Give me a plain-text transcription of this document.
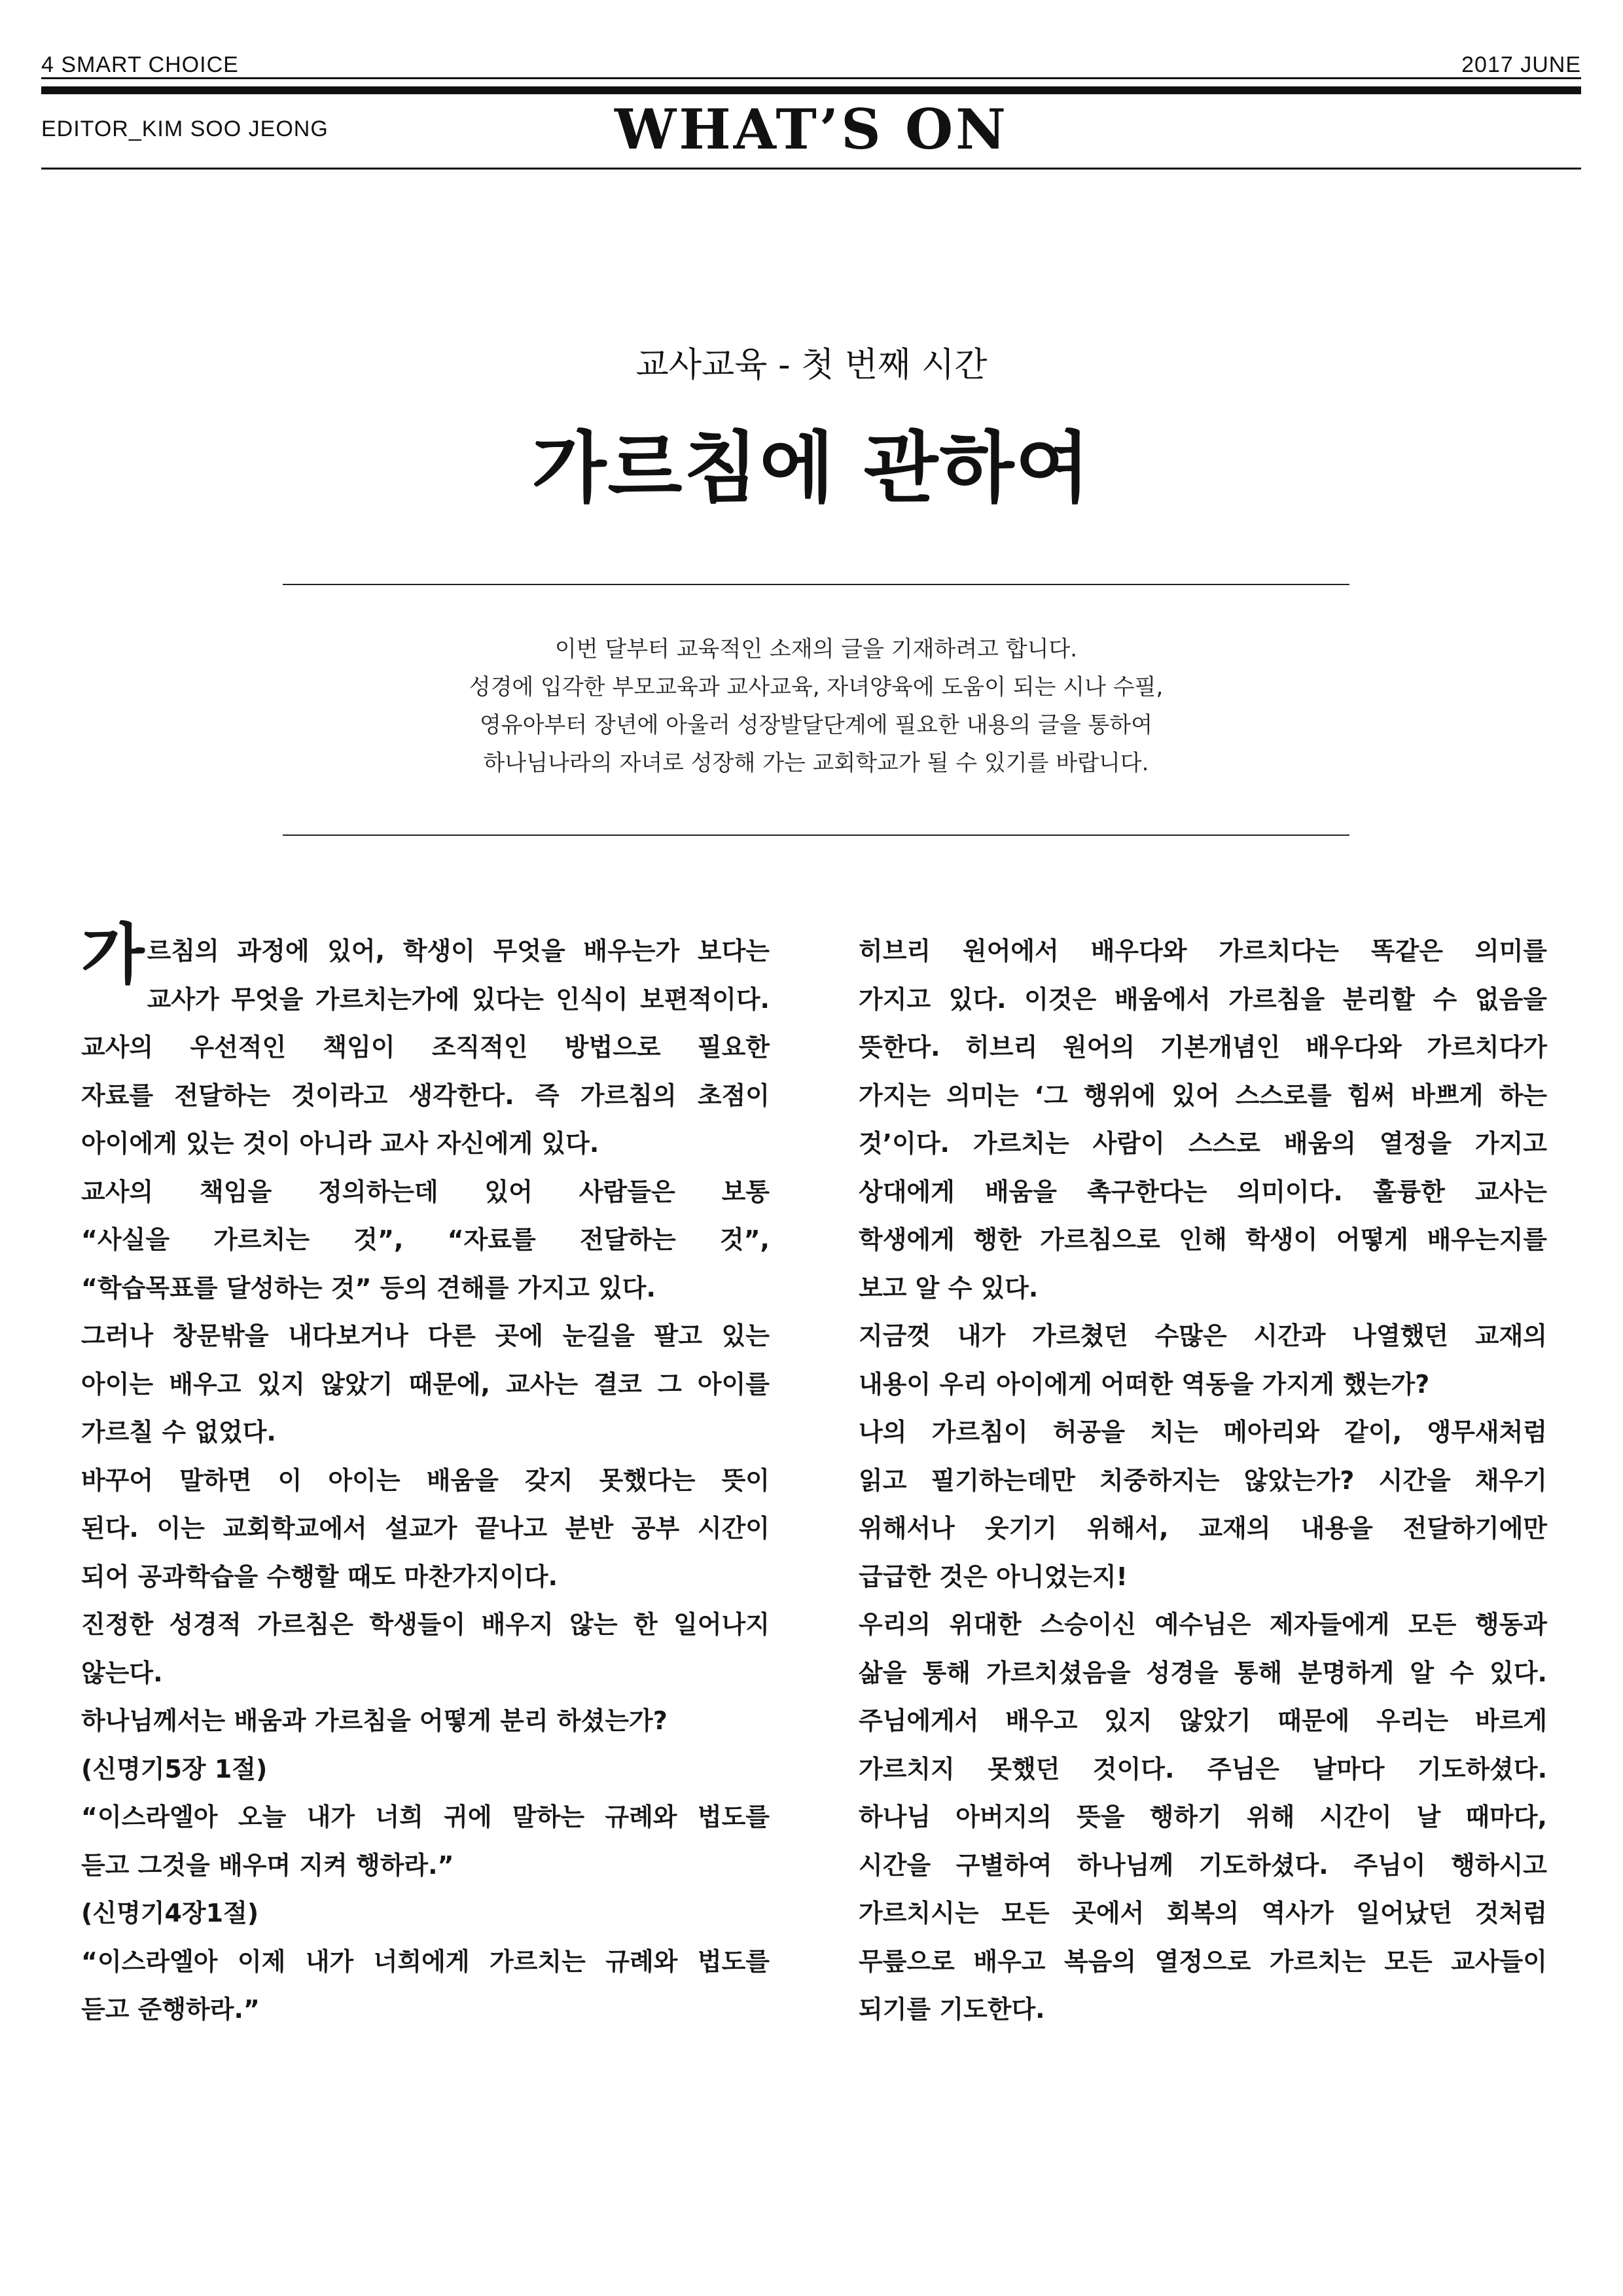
4 SMART CHOICE	2017 JUNE
EDITOR_KIM SOO JEONG	WHAT’S ON
교사교육 - 첫 번째 시간
가르침에 관하여
이번 달부터 교육적인 소재의 글을 기재하려고 합니다.
성경에 입각한 부모교육과 교사교육, 자녀양육에 도움이 되는 시나 수필,
영유아부터 장년에 아울러 성장발달단계에 필요한 내용의 글을 통하여
하나님나라의 자녀로 성장해 가는 교회학교가 될 수 있기를 바랍니다.
가르침의 과정에 있어, 학생이 무엇을 배우는가 보다는
교사가 무엇을 가르치는가에 있다는 인식이 보편적이다.
교사의 우선적인 책임이 조직적인 방법으로 필요한
자료를 전달하는 것이라고 생각한다. 즉 가르침의 초점이
아이에게 있는 것이 아니라 교사 자신에게 있다.
교사의 책임을 정의하는데 있어 사람들은 보통
“사실을 가르치는 것”, “자료를 전달하는 것”,
“학습목표를 달성하는 것” 등의 견해를 가지고 있다.
그러나 창문밖을 내다보거나 다른 곳에 눈길을 팔고 있는
아이는 배우고 있지 않았기 때문에, 교사는 결코 그 아이를
가르칠 수 없었다.
바꾸어 말하면 이 아이는 배움을 갖지 못했다는 뜻이
된다. 이는 교회학교에서 설교가 끝나고 분반 공부 시간이
되어 공과학습을 수행할 때도 마찬가지이다.
진정한 성경적 가르침은 학생들이 배우지 않는 한 일어나지
않는다.
하나님께서는 배움과 가르침을 어떻게 분리 하셨는가?
(신명기5장 1절)
“이스라엘아 오늘 내가 너희 귀에 말하는 규례와 법도를
듣고 그것을 배우며 지켜 행하라.”
(신명기4장1절)
“이스라엘아 이제 내가 너희에게 가르치는 규례와 법도를
듣고 준행하라.”
히브리 원어에서 배우다와 가르치다는 똑같은 의미를
가지고 있다. 이것은 배움에서 가르침을 분리할 수 없음을
뜻한다. 히브리 원어의 기본개념인 배우다와 가르치다가
가지는 의미는 ‘그 행위에 있어 스스로를 힘써 바쁘게 하는
것’이다. 가르치는 사람이 스스로 배움의 열정을 가지고
상대에게 배움을 촉구한다는 의미이다. 훌륭한 교사는
학생에게 행한 가르침으로 인해 학생이 어떻게 배우는지를
보고 알 수 있다.
지금껏 내가 가르쳤던 수많은 시간과 나열했던 교재의
내용이 우리 아이에게 어떠한 역동을 가지게 했는가?
나의 가르침이 허공을 치는 메아리와 같이, 앵무새처럼
읽고 필기하는데만 치중하지는 않았는가? 시간을 채우기
위해서나 웃기기 위해서, 교재의 내용을 전달하기에만
급급한 것은 아니었는지!
우리의 위대한 스승이신 예수님은 제자들에게 모든 행동과
삶을 통해 가르치셨음을 성경을 통해 분명하게 알 수 있다.
주님에게서 배우고 있지 않았기 때문에 우리는 바르게
가르치지 못했던 것이다. 주님은 날마다 기도하셨다.
하나님 아버지의 뜻을 행하기 위해 시간이 날 때마다,
시간을 구별하여 하나님께 기도하셨다. 주님이 행하시고
가르치시는 모든 곳에서 회복의 역사가 일어났던 것처럼
무릎으로 배우고 복음의 열정으로 가르치는 모든 교사들이
되기를 기도한다.
